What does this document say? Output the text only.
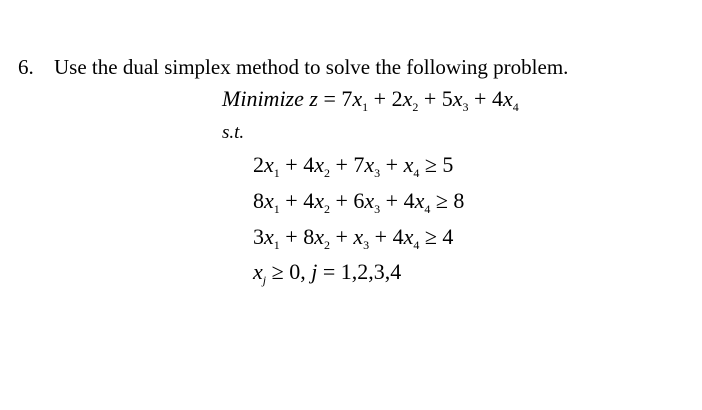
6. Use the dual simplex method to solve the following problem.
Minimize $z = 7x_1 + 2x_2 + 5x_3 + 4x_4$
s.t.
$2x_1 + 4x_2 + 7x_3 + x_4 \ge 5$
$8x_1 + 4x_2 + 6x_3 + 4x_4 \ge 8$
$3x_1 + 8x_2 + x_3 + 4x_4 \ge 4$
$x_j \ge 0$, j = 1,2,3,4
